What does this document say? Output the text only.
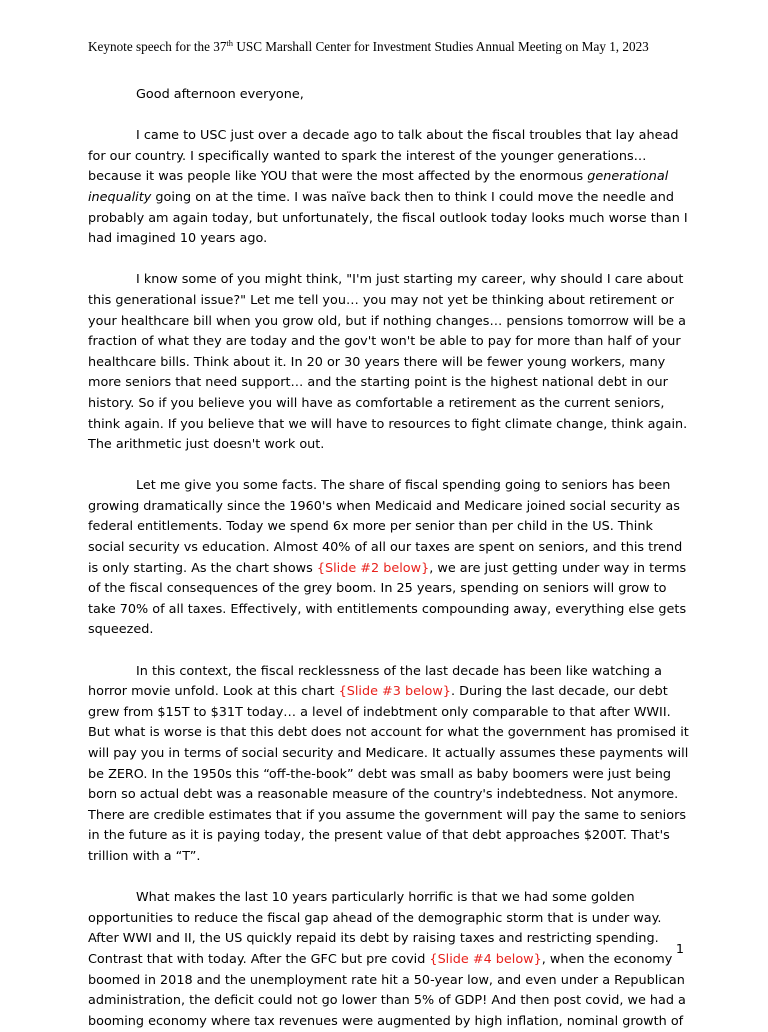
Keynote speech for the 37th USC Marshall Center for Investment Studies Annual Meeting on May 1, 2023

Good afternoon everyone,

I came to USC just over a decade ago to talk about the fiscal troubles that lay ahead for our country. I specifically wanted to spark the interest of the younger generations… because it was people like YOU that were the most affected by the enormous generational inequality going on at the time. I was naïve back then to think I could move the needle and probably am again today, but unfortunately, the fiscal outlook today looks much worse than I had imagined 10 years ago.

I know some of you might think, "I'm just starting my career, why should I care about this generational issue?" Let me tell you… you may not yet be thinking about retirement or your healthcare bill when you grow old, but if nothing changes… pensions tomorrow will be a fraction of what they are today and the gov't won't be able to pay for more than half of your healthcare bills. Think about it. In 20 or 30 years there will be fewer young workers, many more seniors that need support… and the starting point is the highest national debt in our history. So if you believe you will have as comfortable a retirement as the current seniors, think again. If you believe that we will have to resources to fight climate change, think again. The arithmetic just doesn't work out.

Let me give you some facts. The share of fiscal spending going to seniors has been growing dramatically since the 1960's when Medicaid and Medicare joined social security as federal entitlements. Today we spend 6x more per senior than per child in the US. Think social security vs education. Almost 40% of all our taxes are spent on seniors, and this trend is only starting. As the chart shows {Slide #2 below}, we are just getting under way in terms of the fiscal consequences of the grey boom. In 25 years, spending on seniors will grow to take 70% of all taxes. Effectively, with entitlements compounding away, everything else gets squeezed.

In this context, the fiscal recklessness of the last decade has been like watching a horror movie unfold. Look at this chart {Slide #3 below}. During the last decade, our debt grew from $15T to $31T today… a level of indebtment only comparable to that after WWII. But what is worse is that this debt does not account for what the government has promised it will pay you in terms of social security and Medicare. It actually assumes these payments will be ZERO. In the 1950s this “off-the-book” debt was small as baby boomers were just being born so actual debt was a reasonable measure of the country's indebtedness. Not anymore. There are credible estimates that if you assume the government will pay the same to seniors in the future as it is paying today, the present value of that debt approaches $200T. That's trillion with a “T”.

What makes the last 10 years particularly horrific is that we had some golden opportunities to reduce the fiscal gap ahead of the demographic storm that is under way. After WWI and II, the US quickly repaid its debt by raising taxes and restricting spending. Contrast that with today. After the GFC but pre covid {Slide #4 below}, when the economy boomed in 2018 and the unemployment rate hit a 50-year low, and even under a Republican administration, the deficit could not go lower than 5% of GDP! And then post covid, we had a booming economy where tax revenues were augmented by high inflation, nominal growth of

1
